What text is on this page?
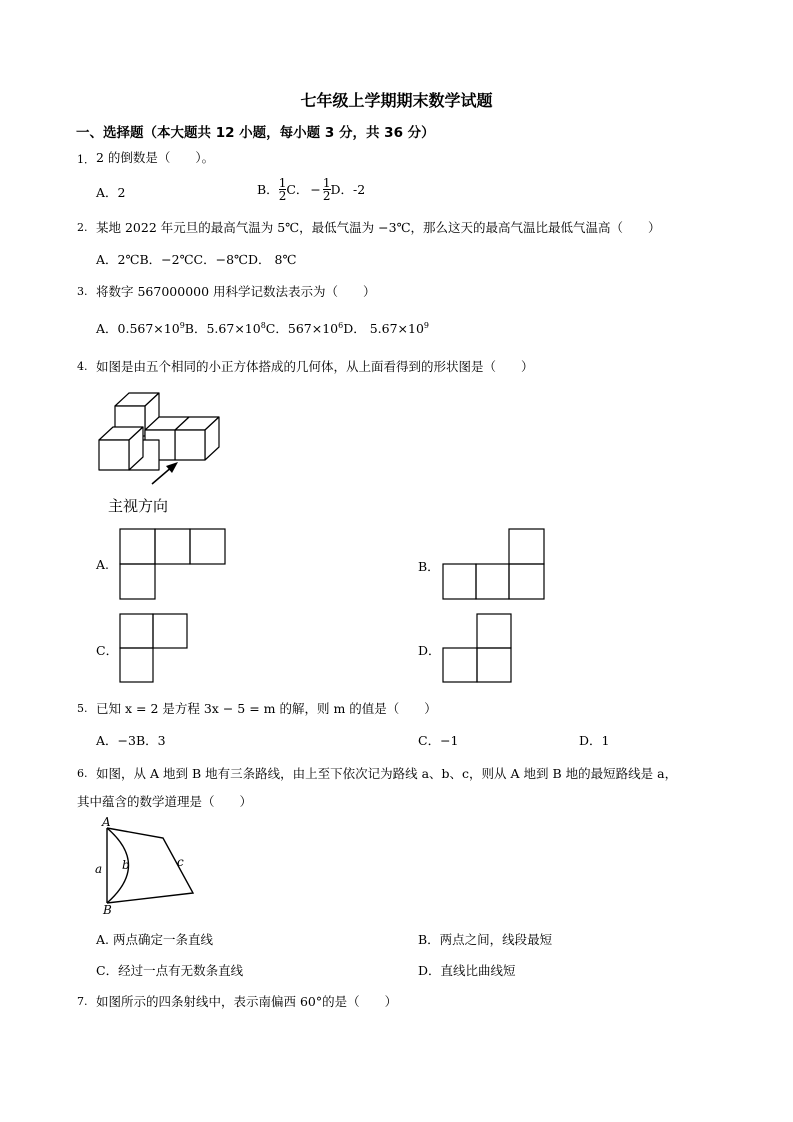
七年级上学期期末数学试题
一、选择题（本大题共 12 小题，每小题 3 分，共 36 分）
1． 2 的倒数是（　　）。
A．2	B． $\frac{1}{2}$ C． − $\frac{1}{2}$ D．-2
2. 某地 2022 年元旦的最高气温为 5℃，最低气温为 −3℃，那么这天的最高气温比最低气温高（　　）
A．2℃B．−2℃C．−8℃D． 8℃
3. 将数字 567000000 用科学记数法表示为（　　）
A．$0.567\times 10^9B$．$5.67\times 10^8C$．$567\times 10^6D$． $5.67\times 10^9$
4. 如图是由五个相同的小正方体搭成的几何体，从上面看得到的形状图是（　　）
主视方向
A.	B．
C．	D．
5. 已知 x = 2 是方程 3x − 5 = m 的解，则 m 的值是（　　）
A．−3B．3	C．−1	D．1
6. 如图，从 A 地到 B 地有三条路线，由上至下依次记为路线 a、b、c，则从 A 地到 B 地的最短路线是 a，
其中蕴含的数学道理是（　　）
A
B
a b	c
A. 两点确定一条直线	B．两点之间，线段最短
C．经过一点有无数条直线	D．直线比曲线短
7. 如图所示的四条射线中，表示南偏西 60°的是（　　）
